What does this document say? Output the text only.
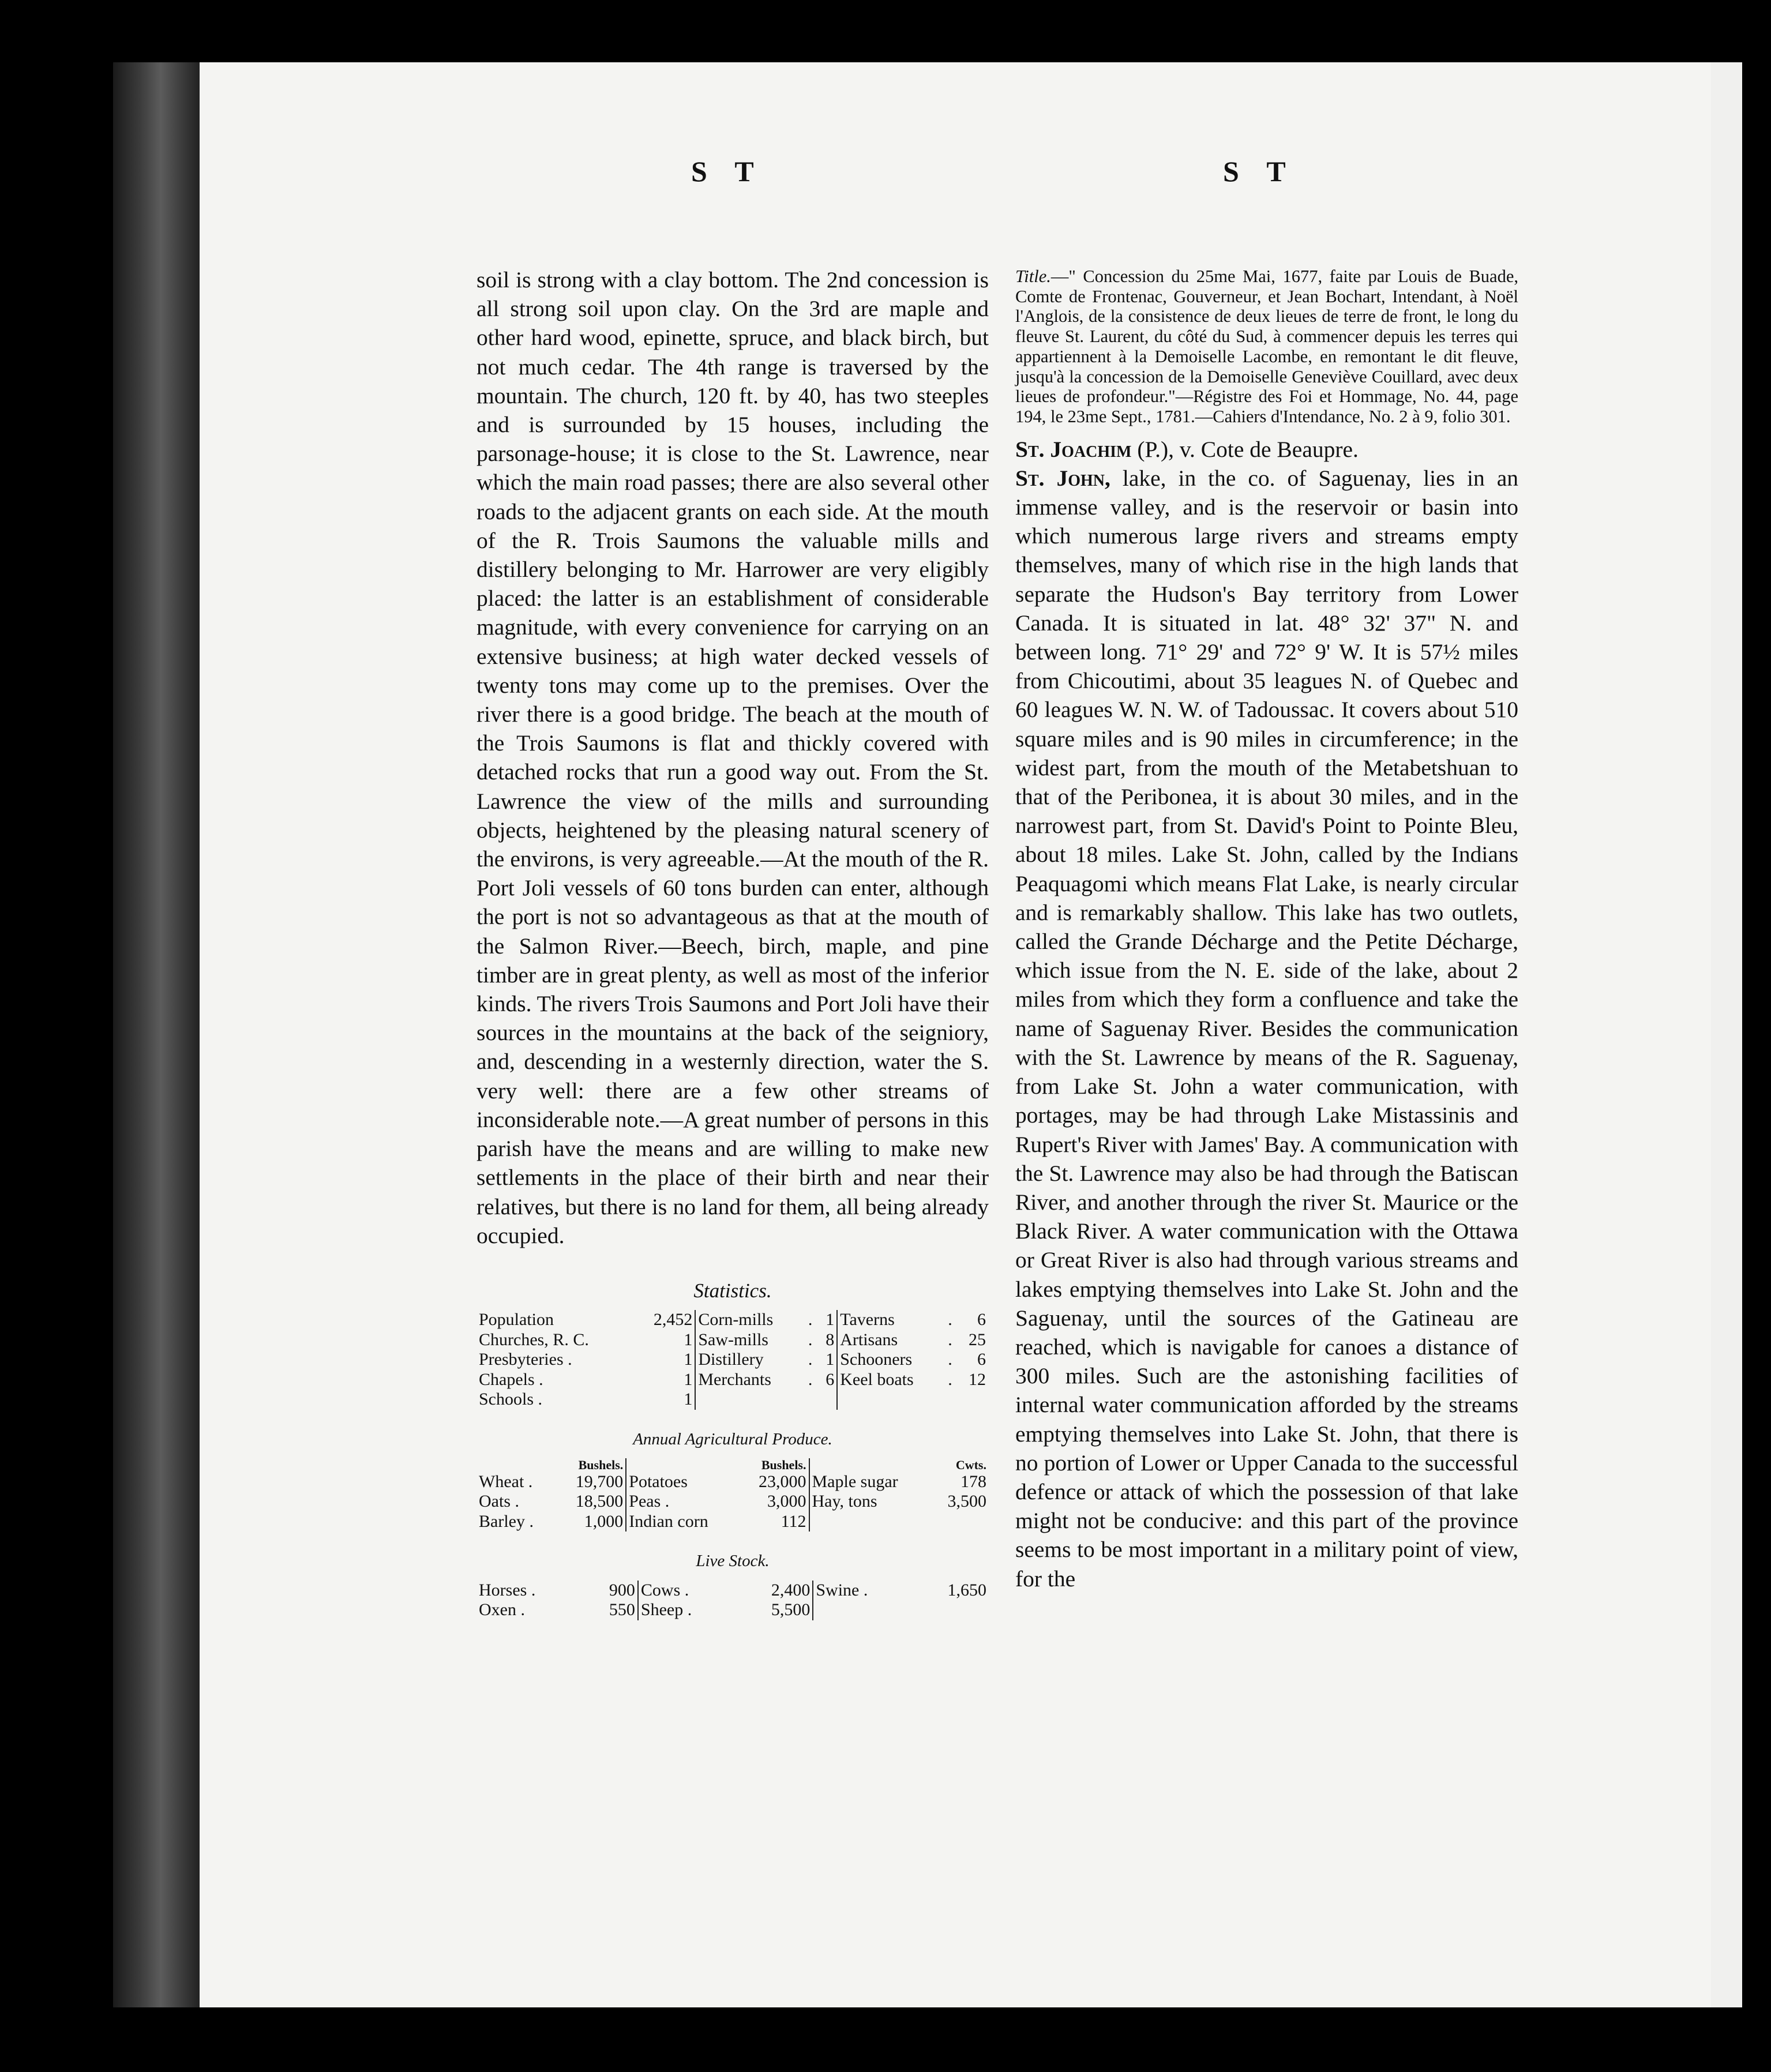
S T	S T

soil is strong with a clay bottom. The 2nd concession is all strong soil upon clay. On the 3rd are maple and other hard wood, epinette, spruce, and black birch, but not much cedar. The 4th range is traversed by the mountain. The church, 120 ft. by 40, has two steeples and is surrounded by 15 houses, including the parsonage-house; it is close to the St. Lawrence, near which the main road passes; there are also several other roads to the adjacent grants on each side. At the mouth of the R. Trois Saumons the valuable mills and distillery belonging to Mr. Harrower are very eligibly placed: the latter is an establishment of considerable magnitude, with every convenience for carrying on an extensive business; at high water decked vessels of twenty tons may come up to the premises. Over the river there is a good bridge. The beach at the mouth of the Trois Saumons is flat and thickly covered with detached rocks that run a good way out. From the St. Lawrence the view of the mills and surrounding objects, heightened by the pleasing natural scenery of the environs, is very agreeable.—At the mouth of the R. Port Joli vessels of 60 tons burden can enter, although the port is not so advantageous as that at the mouth of the Salmon River.—Beech, birch, maple, and pine timber are in great plenty, as well as most of the inferior kinds. The rivers Trois Saumons and Port Joli have their sources in the mountains at the back of the seigniory, and, descending in a westernly direction, water the S. very well: there are a few other streams of inconsiderable note.—A great number of persons in this parish have the means and are willing to make new settlements in the place of their birth and near their relatives, but there is no land for them, all being already occupied.

Statistics.
Population	2,452	Corn-mills	.	1	Taverns	.	6
Churches, R. C.	1	Saw-mills	.	8	Artisans	.	25
Presbyteries .	1	Distillery	.	1	Schooners	.	6
Chapels .	1	Merchants	.	6	Keel boats	.	12
Schools .	1						
Annual Agricultural Produce.
	Bushels.		Bushels.		Cwts.
Wheat .	19,700	Potatoes	23,000	Maple sugar	178
Oats .	18,500	Peas .	3,000	Hay, tons	3,500
Barley .	1,000	Indian corn	112		
Live Stock.
Horses .	900	Cows .	2,400	Swine .	1,650
Oxen .	550	Sheep .	5,500		

Title.—" Concession du 25me Mai, 1677, faite par Louis de Buade, Comte de Frontenac, Gouverneur, et Jean Bochart, Intendant, à Noël l'Anglois, de la consistence de deux lieues de terre de front, le long du fleuve St. Laurent, du côté du Sud, à commencer depuis les terres qui appartiennent à la Demoiselle Lacombe, en remontant le dit fleuve, jusqu'à la concession de la Demoiselle Geneviève Couillard, avec deux lieues de profondeur."—Régistre des Foi et Hommage, No. 44, page 194, le 23me Sept., 1781.—Cahiers d'Intendance, No. 2 à 9, folio 301.

St. Joachim (P.), v. Cote de Beaupre.

St. John, lake, in the co. of Saguenay, lies in an immense valley, and is the reservoir or basin into which numerous large rivers and streams empty themselves, many of which rise in the high lands that separate the Hudson's Bay territory from Lower Canada. It is situated in lat. 48° 32' 37" N. and between long. 71° 29' and 72° 9' W. It is 57½ miles from Chicoutimi, about 35 leagues N. of Quebec and 60 leagues W. N. W. of Tadoussac. It covers about 510 square miles and is 90 miles in circumference; in the widest part, from the mouth of the Metabetshuan to that of the Peribonea, it is about 30 miles, and in the narrowest part, from St. David's Point to Pointe Bleu, about 18 miles. Lake St. John, called by the Indians Peaquagomi which means Flat Lake, is nearly circular and is remarkably shallow. This lake has two outlets, called the Grande Décharge and the Petite Décharge, which issue from the N. E. side of the lake, about 2 miles from which they form a confluence and take the name of Saguenay River. Besides the communication with the St. Lawrence by means of the R. Saguenay, from Lake St. John a water communication, with portages, may be had through Lake Mistassinis and Rupert's River with James' Bay. A communication with the St. Lawrence may also be had through the Batiscan River, and another through the river St. Maurice or the Black River. A water communication with the Ottawa or Great River is also had through various streams and lakes emptying themselves into Lake St. John and the Saguenay, until the sources of the Gatineau are reached, which is navigable for canoes a distance of 300 miles. Such are the astonishing facilities of internal water communication afforded by the streams emptying themselves into Lake St. John, that there is no portion of Lower or Upper Canada to the successful defence or attack of which the possession of that lake might not be conducive: and this part of the province seems to be most important in a military point of view, for the
